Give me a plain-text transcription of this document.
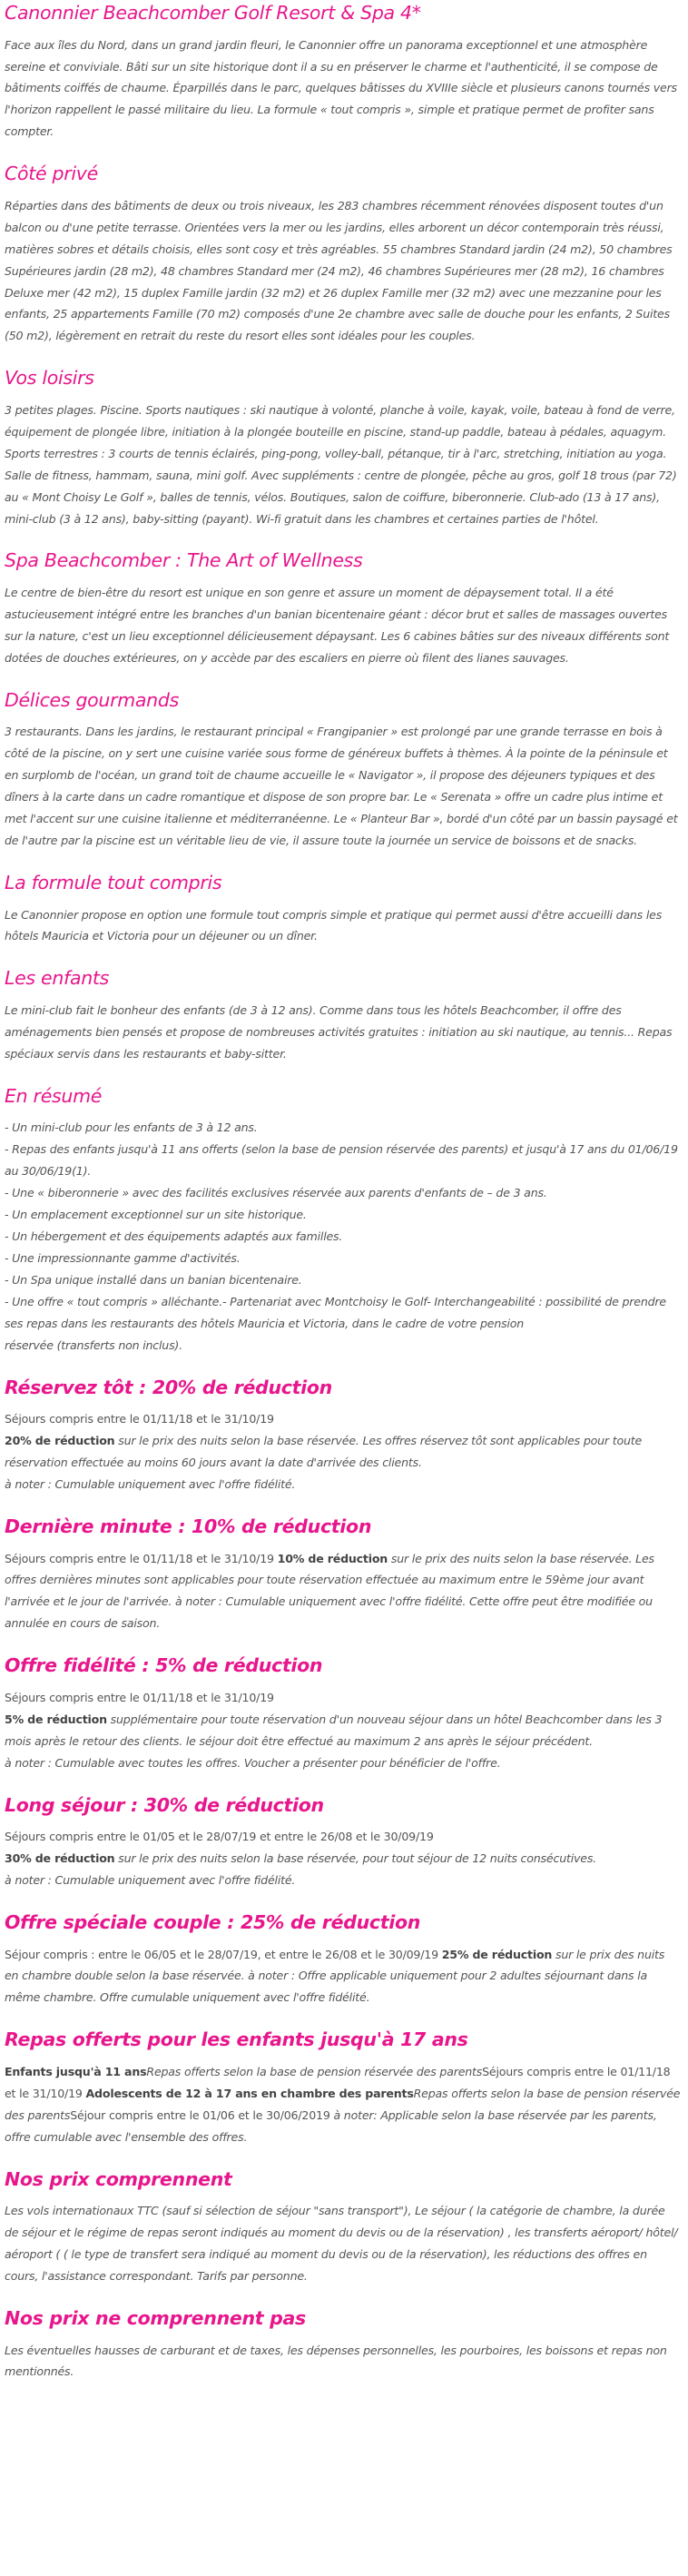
Canonnier Beachcomber Golf Resort & Spa 4*

Face aux îles du Nord, dans un grand jardin fleuri, le Canonnier offre un panorama exceptionnel et une atmosphère sereine et conviviale. Bâti sur un site historique dont il a su en préserver le charme et l'authenticité, il se compose de bâtiments coiffés de chaume. Éparpillés dans le parc, quelques bâtisses du XVIIIe siècle et plusieurs canons tournés vers l'horizon rappellent le passé militaire du lieu. La formule « tout compris », simple et pratique permet de profiter sans compter.

Côté privé

Réparties dans des bâtiments de deux ou trois niveaux, les 283 chambres récemment rénovées disposent toutes d'un balcon ou d'une petite terrasse. Orientées vers la mer ou les jardins, elles arborent un décor contemporain très réussi, matières sobres et détails choisis, elles sont cosy et très agréables. 55 chambres Standard jardin (24 m2), 50 chambres Supérieures jardin (28 m2), 48 chambres Standard mer (24 m2), 46 chambres Supérieures mer (28 m2), 16 chambres Deluxe mer (42 m2), 15 duplex Famille jardin (32 m2) et 26 duplex Famille mer (32 m2) avec une mezzanine pour les enfants, 25 appartements Famille (70 m2) composés d'une 2e chambre avec salle de douche pour les enfants, 2 Suites (50 m2), légèrement en retrait du reste du resort elles sont idéales pour les couples.

Vos loisirs

3 petites plages. Piscine. Sports nautiques : ski nautique à volonté, planche à voile, kayak, voile, bateau à fond de verre, équipement de plongée libre, initiation à la plongée bouteille en piscine, stand-up paddle, bateau à pédales, aquagym. Sports terrestres : 3 courts de tennis éclairés, ping-pong, volley-ball, pétanque, tir à l'arc, stretching, initiation au yoga. Salle de fitness, hammam, sauna, mini golf. Avec suppléments : centre de plongée, pêche au gros, golf 18 trous (par 72) au « Mont Choisy Le Golf », balles de tennis, vélos. Boutiques, salon de coiffure, biberonnerie. Club-ado (13 à 17 ans), mini-club (3 à 12 ans), baby-sitting (payant). Wi-fi gratuit dans les chambres et certaines parties de l'hôtel.

Spa Beachcomber : The Art of Wellness

Le centre de bien-être du resort est unique en son genre et assure un moment de dépaysement total. Il a été astucieusement intégré entre les branches d'un banian bicentenaire géant : décor brut et salles de massages ouvertes sur la nature, c'est un lieu exceptionnel délicieusement dépaysant. Les 6 cabines bâties sur des niveaux différents sont dotées de douches extérieures, on y accède par des escaliers en pierre où filent des lianes sauvages.

Délices gourmands

3 restaurants. Dans les jardins, le restaurant principal « Frangipanier » est prolongé par une grande terrasse en bois à côté de la piscine, on y sert une cuisine variée sous forme de généreux buffets à thèmes. À la pointe de la péninsule et en surplomb de l'océan, un grand toit de chaume accueille le « Navigator », il propose des déjeuners typiques et des dîners à la carte dans un cadre romantique et dispose de son propre bar. Le « Serenata » offre un cadre plus intime et met l'accent sur une cuisine italienne et méditerranéenne. Le « Planteur Bar », bordé d'un côté par un bassin paysagé et de l'autre par la piscine est un véritable lieu de vie, il assure toute la journée un service de boissons et de snacks.

La formule tout compris

Le Canonnier propose en option une formule tout compris simple et pratique qui permet aussi d'être accueilli dans les hôtels Mauricia et Victoria pour un déjeuner ou un dîner.

Les enfants

Le mini-club fait le bonheur des enfants (de 3 à 12 ans). Comme dans tous les hôtels Beachcomber, il offre des aménagements bien pensés et propose de nombreuses activités gratuites : initiation au ski nautique, au tennis... Repas spéciaux servis dans les restaurants et baby-sitter.

En résumé
- Un mini-club pour les enfants de 3 à 12 ans.
- Repas des enfants jusqu'à 11 ans offerts (selon la base de pension réservée des parents) et jusqu'à 17 ans du 01/06/19 au 30/06/19(1).
- Une « biberonnerie » avec des facilités exclusives réservée aux parents d'enfants de – de 3 ans.
- Un emplacement exceptionnel sur un site historique.
- Un hébergement et des équipements adaptés aux familles.
- Une impressionnante gamme d'activités.
- Un Spa unique installé dans un banian bicentenaire.
- Une offre « tout compris » alléchante.- Partenariat avec Montchoisy le Golf- Interchangeabilité : possibilité de prendre ses repas dans les restaurants des hôtels Mauricia et Victoria, dans le cadre de votre pension
réservée (transferts non inclus).
Réservez tôt : 20% de réduction

Séjours compris entre le 01/11/18 et le 31/10/19

20% de réduction sur le prix des nuits selon la base réservée. Les offres réservez tôt sont applicables pour toute réservation effectuée au moins 60 jours avant la date d'arrivée des clients.

à noter : Cumulable uniquement avec l'offre fidélité.

Dernière minute : 10% de réduction

Séjours compris entre le 01/11/18 et le 31/10/19 10% de réduction sur le prix des nuits selon la base réservée. Les offres dernières minutes sont applicables pour toute réservation effectuée au maximum entre le 59ème jour avant l'arrivée et le jour de l'arrivée. à noter : Cumulable uniquement avec l'offre fidélité. Cette offre peut être modifiée ou annulée en cours de saison.

Offre fidélité : 5% de réduction

Séjours compris entre le 01/11/18 et le 31/10/19

5% de réduction supplémentaire pour toute réservation d'un nouveau séjour dans un hôtel Beachcomber dans les 3 mois après le retour des clients. le séjour doit être effectué au maximum 2 ans après le séjour précédent.

à noter : Cumulable avec toutes les offres. Voucher a présenter pour bénéficier de l'offre.

Long séjour : 30% de réduction

Séjours compris entre le 01/05 et le 28/07/19 et entre le 26/08 et le 30/09/19

30% de réduction sur le prix des nuits selon la base réservée, pour tout séjour de 12 nuits consécutives.

à noter : Cumulable uniquement avec l'offre fidélité.

Offre spéciale couple : 25% de réduction

Séjour compris : entre le 06/05 et le 28/07/19, et entre le 26/08 et le 30/09/19 25% de réduction sur le prix des nuits en chambre double selon la base réservée. à noter : Offre applicable uniquement pour 2 adultes séjournant dans la même chambre. Offre cumulable uniquement avec l'offre fidélité.

Repas offerts pour les enfants jusqu'à 17 ans

Enfants jusqu'à 11 ansRepas offerts selon la base de pension réservée des parentsSéjours compris entre le 01/11/18 et le 31/10/19 Adolescents de 12 à 17 ans en chambre des parentsRepas offerts selon la base de pension réservée des parentsSéjour compris entre le 01/06 et le 30/06/2019 à noter: Applicable selon la base réservée par les parents, offre cumulable avec l'ensemble des offres.

Nos prix comprennent

Les vols internationaux TTC (sauf si sélection de séjour "sans transport"), Le séjour ( la catégorie de chambre, la durée de séjour et le régime de repas seront indiqués au moment du devis ou de la réservation) , les transferts aéroport/ hôtel/ aéroport ( ( le type de transfert sera indiqué au moment du devis ou de la réservation), les réductions des offres en cours, l'assistance correspondant. Tarifs par personne.

Nos prix ne comprennent pas

Les éventuelles hausses de carburant et de taxes, les dépenses personnelles, les pourboires, les boissons et repas non mentionnés.
